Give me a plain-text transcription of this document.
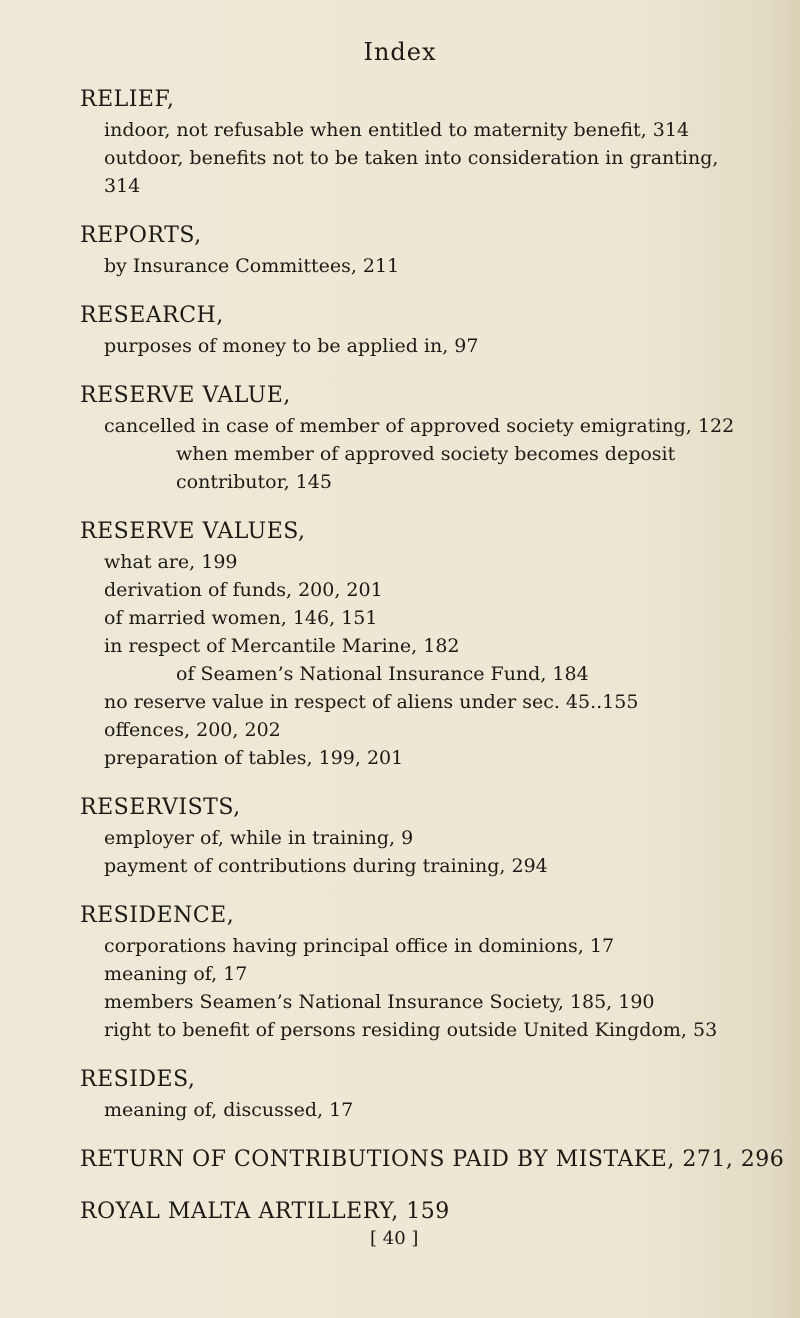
Index
RELIEF,
indoor, not refusable when entitled to maternity benefit, 314
outdoor, benefits not to be taken into consideration in granting,
314
REPORTS,
by Insurance Committees, 211
RESEARCH,
purposes of money to be applied in, 97
RESERVE VALUE,
cancelled in case of member of approved society emigrating, 122
when member of approved society becomes deposit
contributor, 145
RESERVE VALUES,
what are, 199
derivation of funds, 200, 201
of married women, 146, 151
in respect of Mercantile Marine, 182
of Seamen’s National Insurance Fund, 184
no reserve value in respect of aliens under sec. 45..155
offences, 200, 202
preparation of tables, 199, 201
RESERVISTS,
employer of, while in training, 9
payment of contributions during training, 294
RESIDENCE,
corporations having principal office in dominions, 17
meaning of, 17
members Seamen’s National Insurance Society, 185, 190
right to benefit of persons residing outside United Kingdom, 53
RESIDES,
meaning of, discussed, 17
RETURN OF CONTRIBUTIONS PAID BY MISTAKE, 271, 296
ROYAL MALTA ARTILLERY, 159
[ 40 ]
